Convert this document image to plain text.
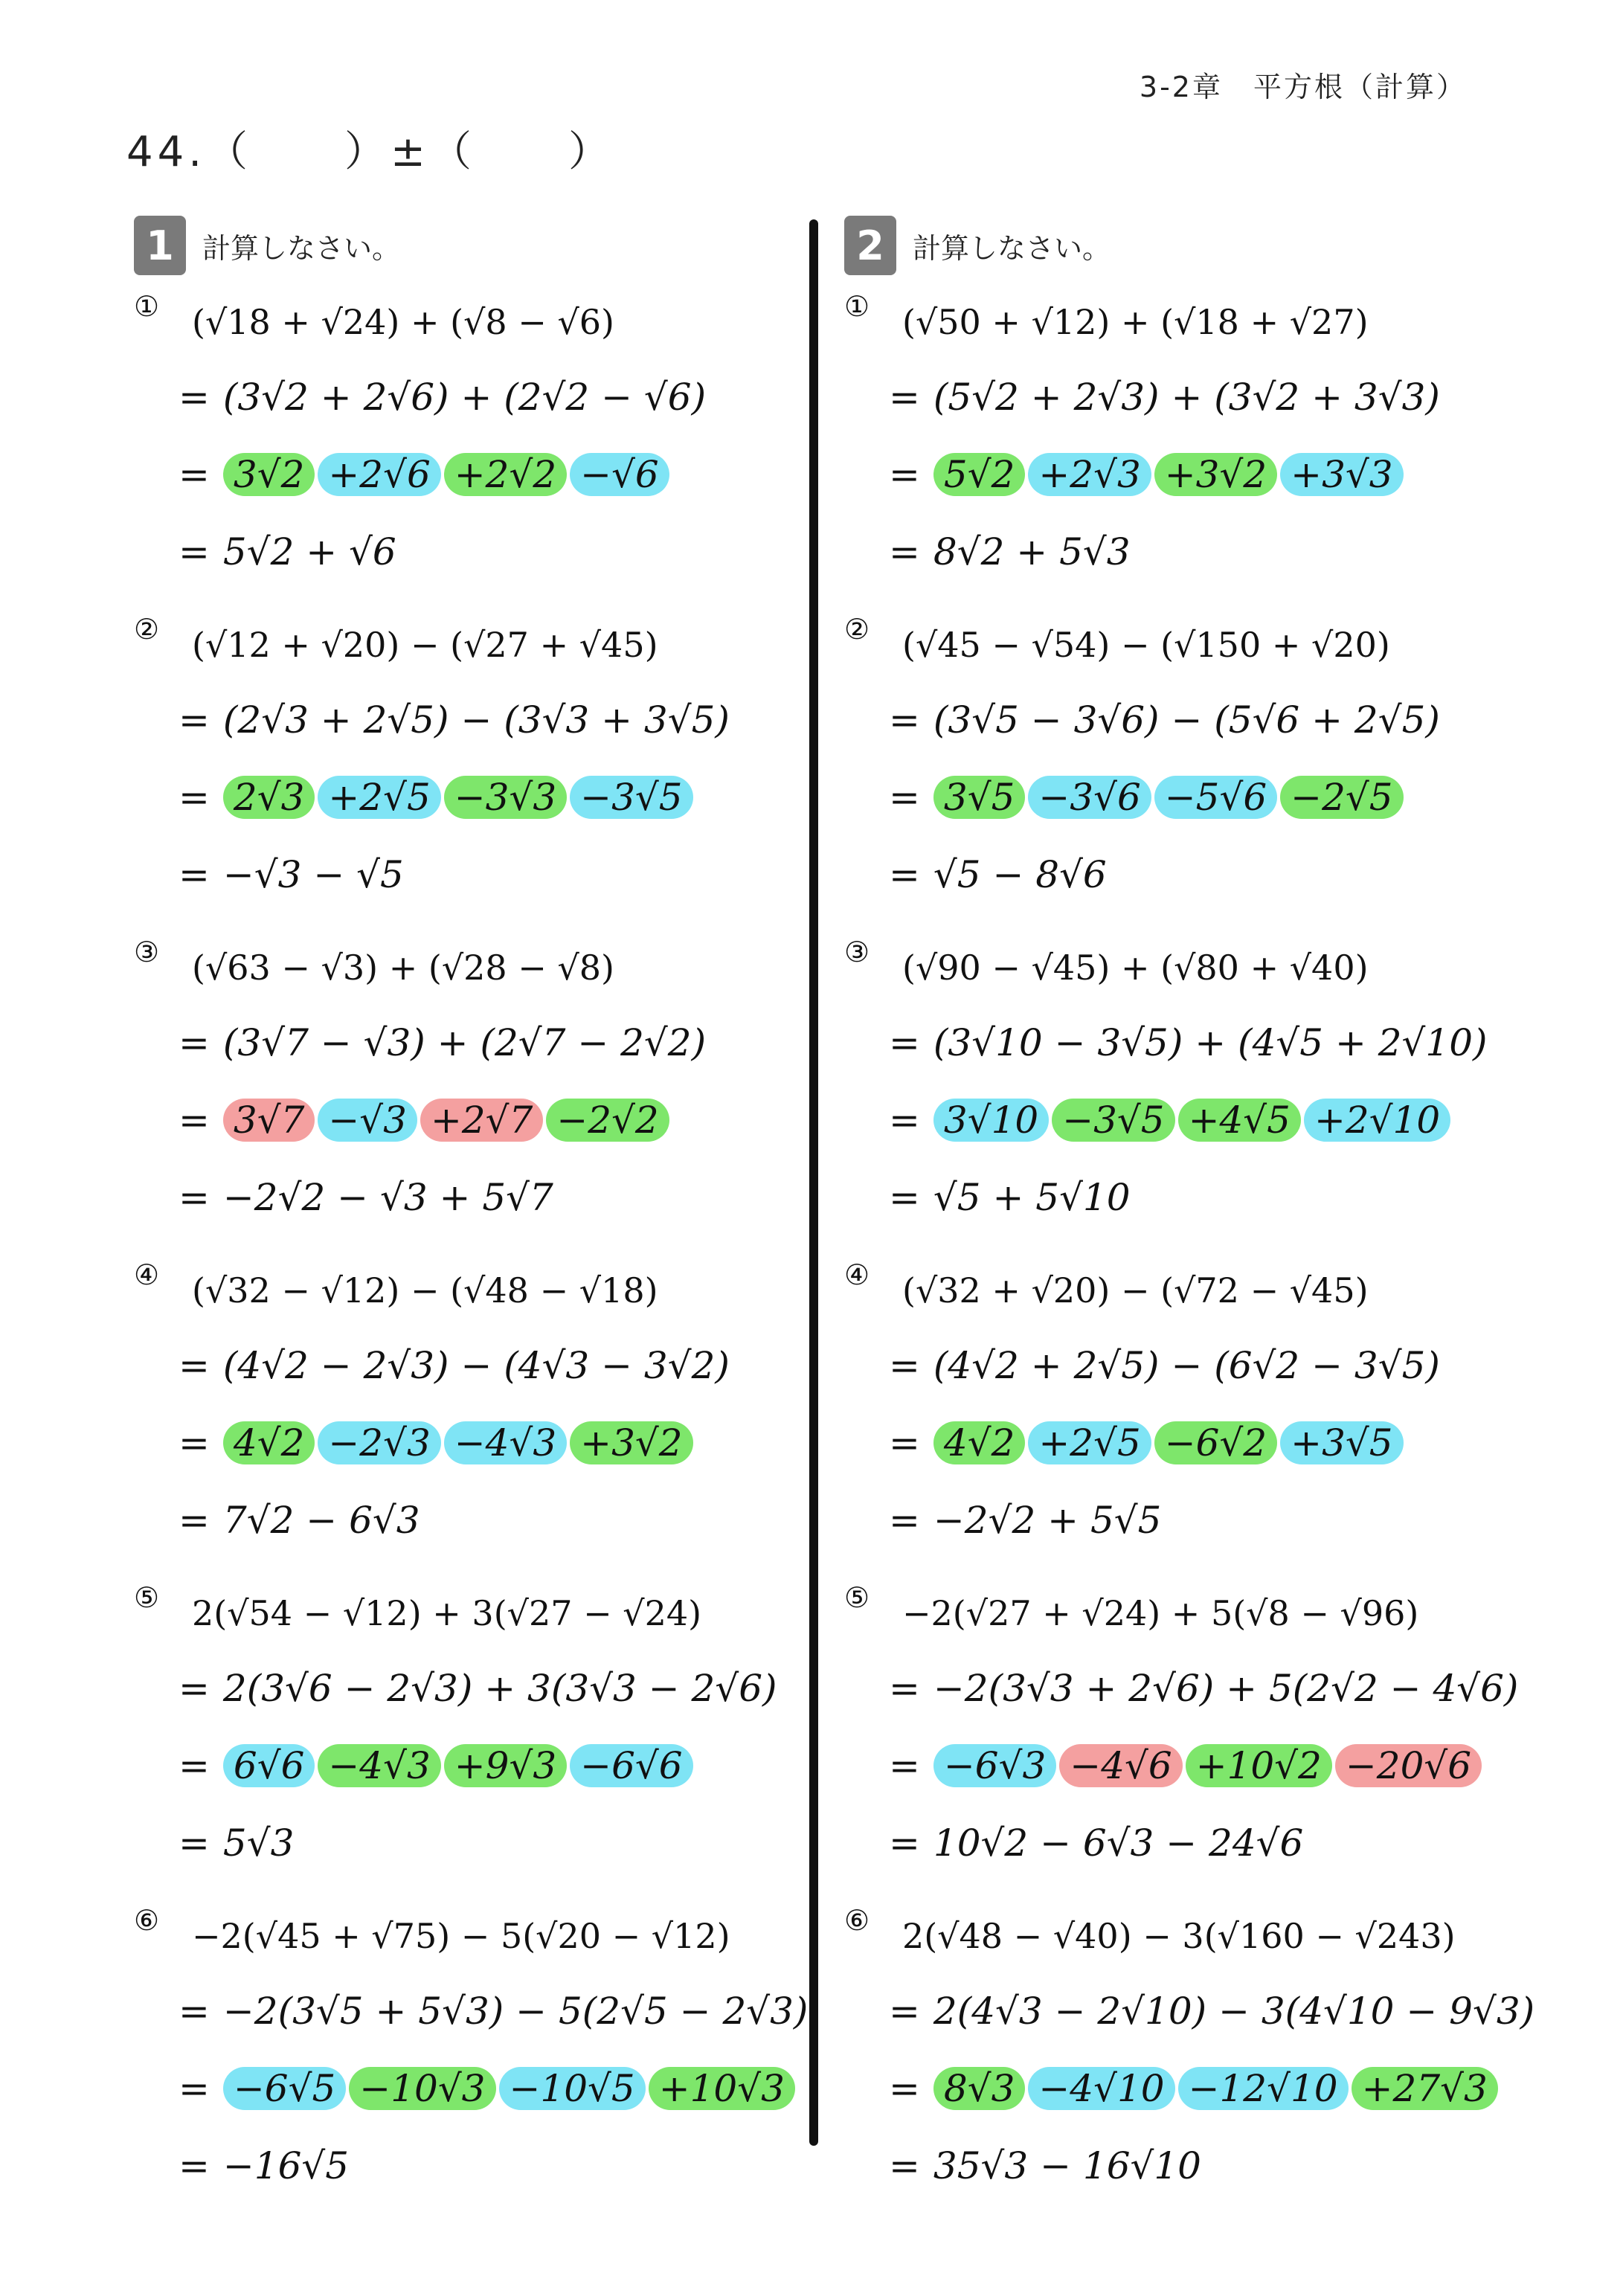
3-2章　平方根（計算）
44.（　　）±（　　）
1	計算しなさい。
① (√18 + √24) + (√8 − √6)
= (3√2 + 2√6) + (2√2 − √6)
= 3√2 +2√6 +2√2 −√6
= 5√2 + √6
② (√12 + √20) − (√27 + √45)
= (2√3 + 2√5) − (3√3 + 3√5)
= 2√3 +2√5 −3√3 −3√5
= −√3 − √5
③ (√63 − √3) + (√28 − √8)
= (3√7 − √3) + (2√7 − 2√2)
= 3√7 −√3 +2√7 −2√2
= −2√2 − √3 + 5√7
④ (√32 − √12) − (√48 − √18)
= (4√2 − 2√3) − (4√3 − 3√2)
= 4√2 −2√3 −4√3 +3√2
= 7√2 − 6√3
⑤ 2(√54 − √12) + 3(√27 − √24)
= 2(3√6 − 2√3) + 3(3√3 − 2√6)
= 6√6 −4√3 +9√3 −6√6
= 5√3
⑥ −2(√45 + √75) − 5(√20 − √12)
= −2(3√5 + 5√3) − 5(2√5 − 2√3)
= −6√5 −10√3 −10√5 +10√3
= −16√5
2	計算しなさい。
① (√50 + √12) + (√18 + √27)
= (5√2 + 2√3) + (3√2 + 3√3)
= 5√2 +2√3 +3√2 +3√3
= 8√2 + 5√3
② (√45 − √54) − (√150 + √20)
= (3√5 − 3√6) − (5√6 + 2√5)
= 3√5 −3√6 −5√6 −2√5
= √5 − 8√6
③ (√90 − √45) + (√80 + √40)
= (3√10 − 3√5) + (4√5 + 2√10)
= 3√10 −3√5 +4√5 +2√10
= √5 + 5√10
④ (√32 + √20) − (√72 − √45)
= (4√2 + 2√5) − (6√2 − 3√5)
= 4√2 +2√5 −6√2 +3√5
= −2√2 + 5√5
⑤ −2(√27 + √24) + 5(√8 − √96)
= −2(3√3 + 2√6) + 5(2√2 − 4√6)
= −6√3 −4√6 +10√2 −20√6
= 10√2 − 6√3 − 24√6
⑥ 2(√48 − √40) − 3(√160 − √243)
= 2(4√3 − 2√10) − 3(4√10 − 9√3)
= 8√3 −4√10 −12√10 +27√3
= 35√3 − 16√10
